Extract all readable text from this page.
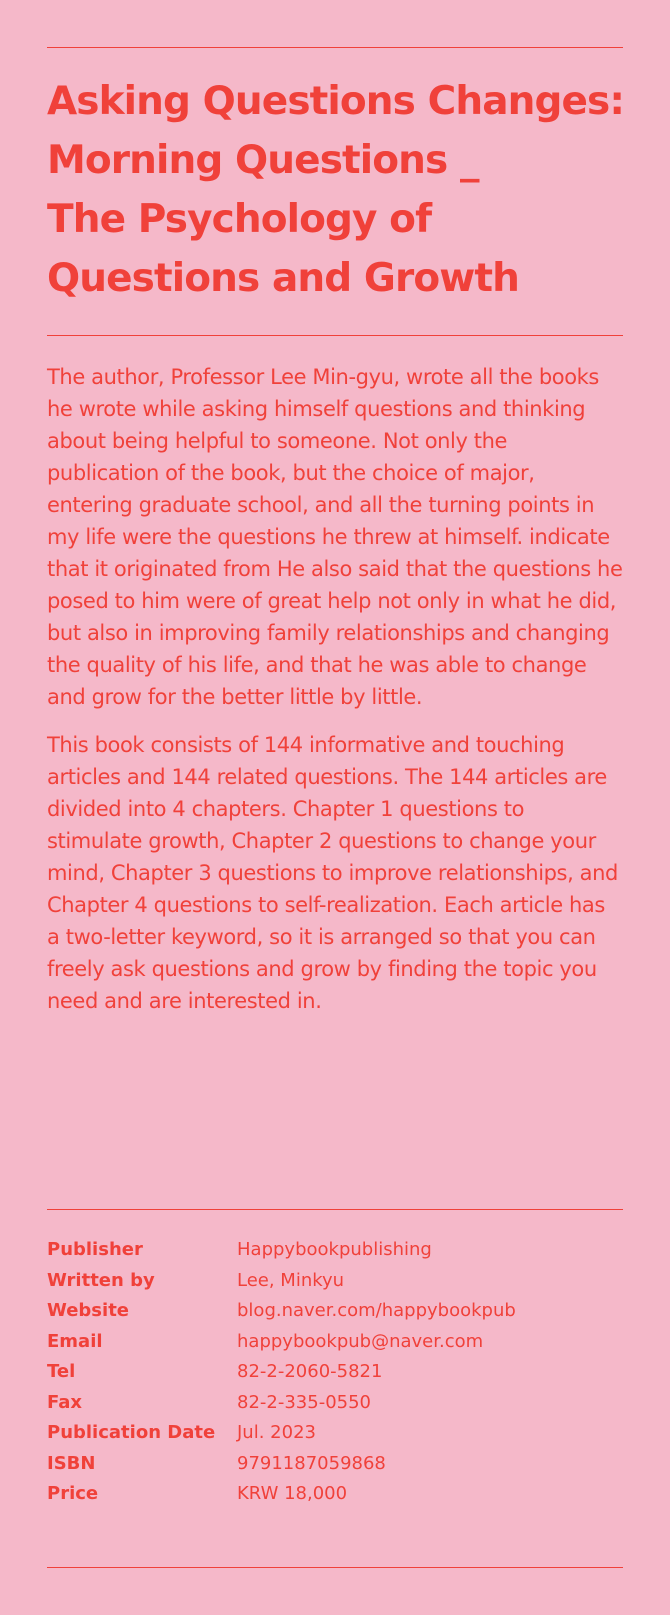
Asking Questions Changes:
Morning Questions _
The Psychology of
Questions and Growth

The author, Professor Lee Min-gyu, wrote all the books he wrote while asking himself questions and thinking about being helpful to someone. Not only the publication of the book, but the choice of major, entering graduate school, and all the turning points in my life were the questions he threw at himself. indicate that it originated from He also said that the questions he posed to him were of great help not only in what he did, but also in improving family relationships and changing the quality of his life, and that he was able to change and grow for the better little by little.

This book consists of 144 informative and touching articles and 144 related questions. The 144 articles are divided into 4 chapters. Chapter 1 questions to stimulate growth, Chapter 2 questions to change your mind, Chapter 3 questions to improve relationships, and Chapter 4 questions to self-realization. Each article has a two-letter keyword, so it is arranged so that you can freely ask questions and grow by finding the topic you need and are interested in.

Publisher	Happybookpublishing
Written by	Lee, Minkyu
Website	blog.naver.com/happybookpub
Email	happybookpub@naver.com
Tel	82-2-2060-5821
Fax	82-2-335-0550
Publication Date	Jul. 2023
ISBN	9791187059868
Price	KRW 18,000
